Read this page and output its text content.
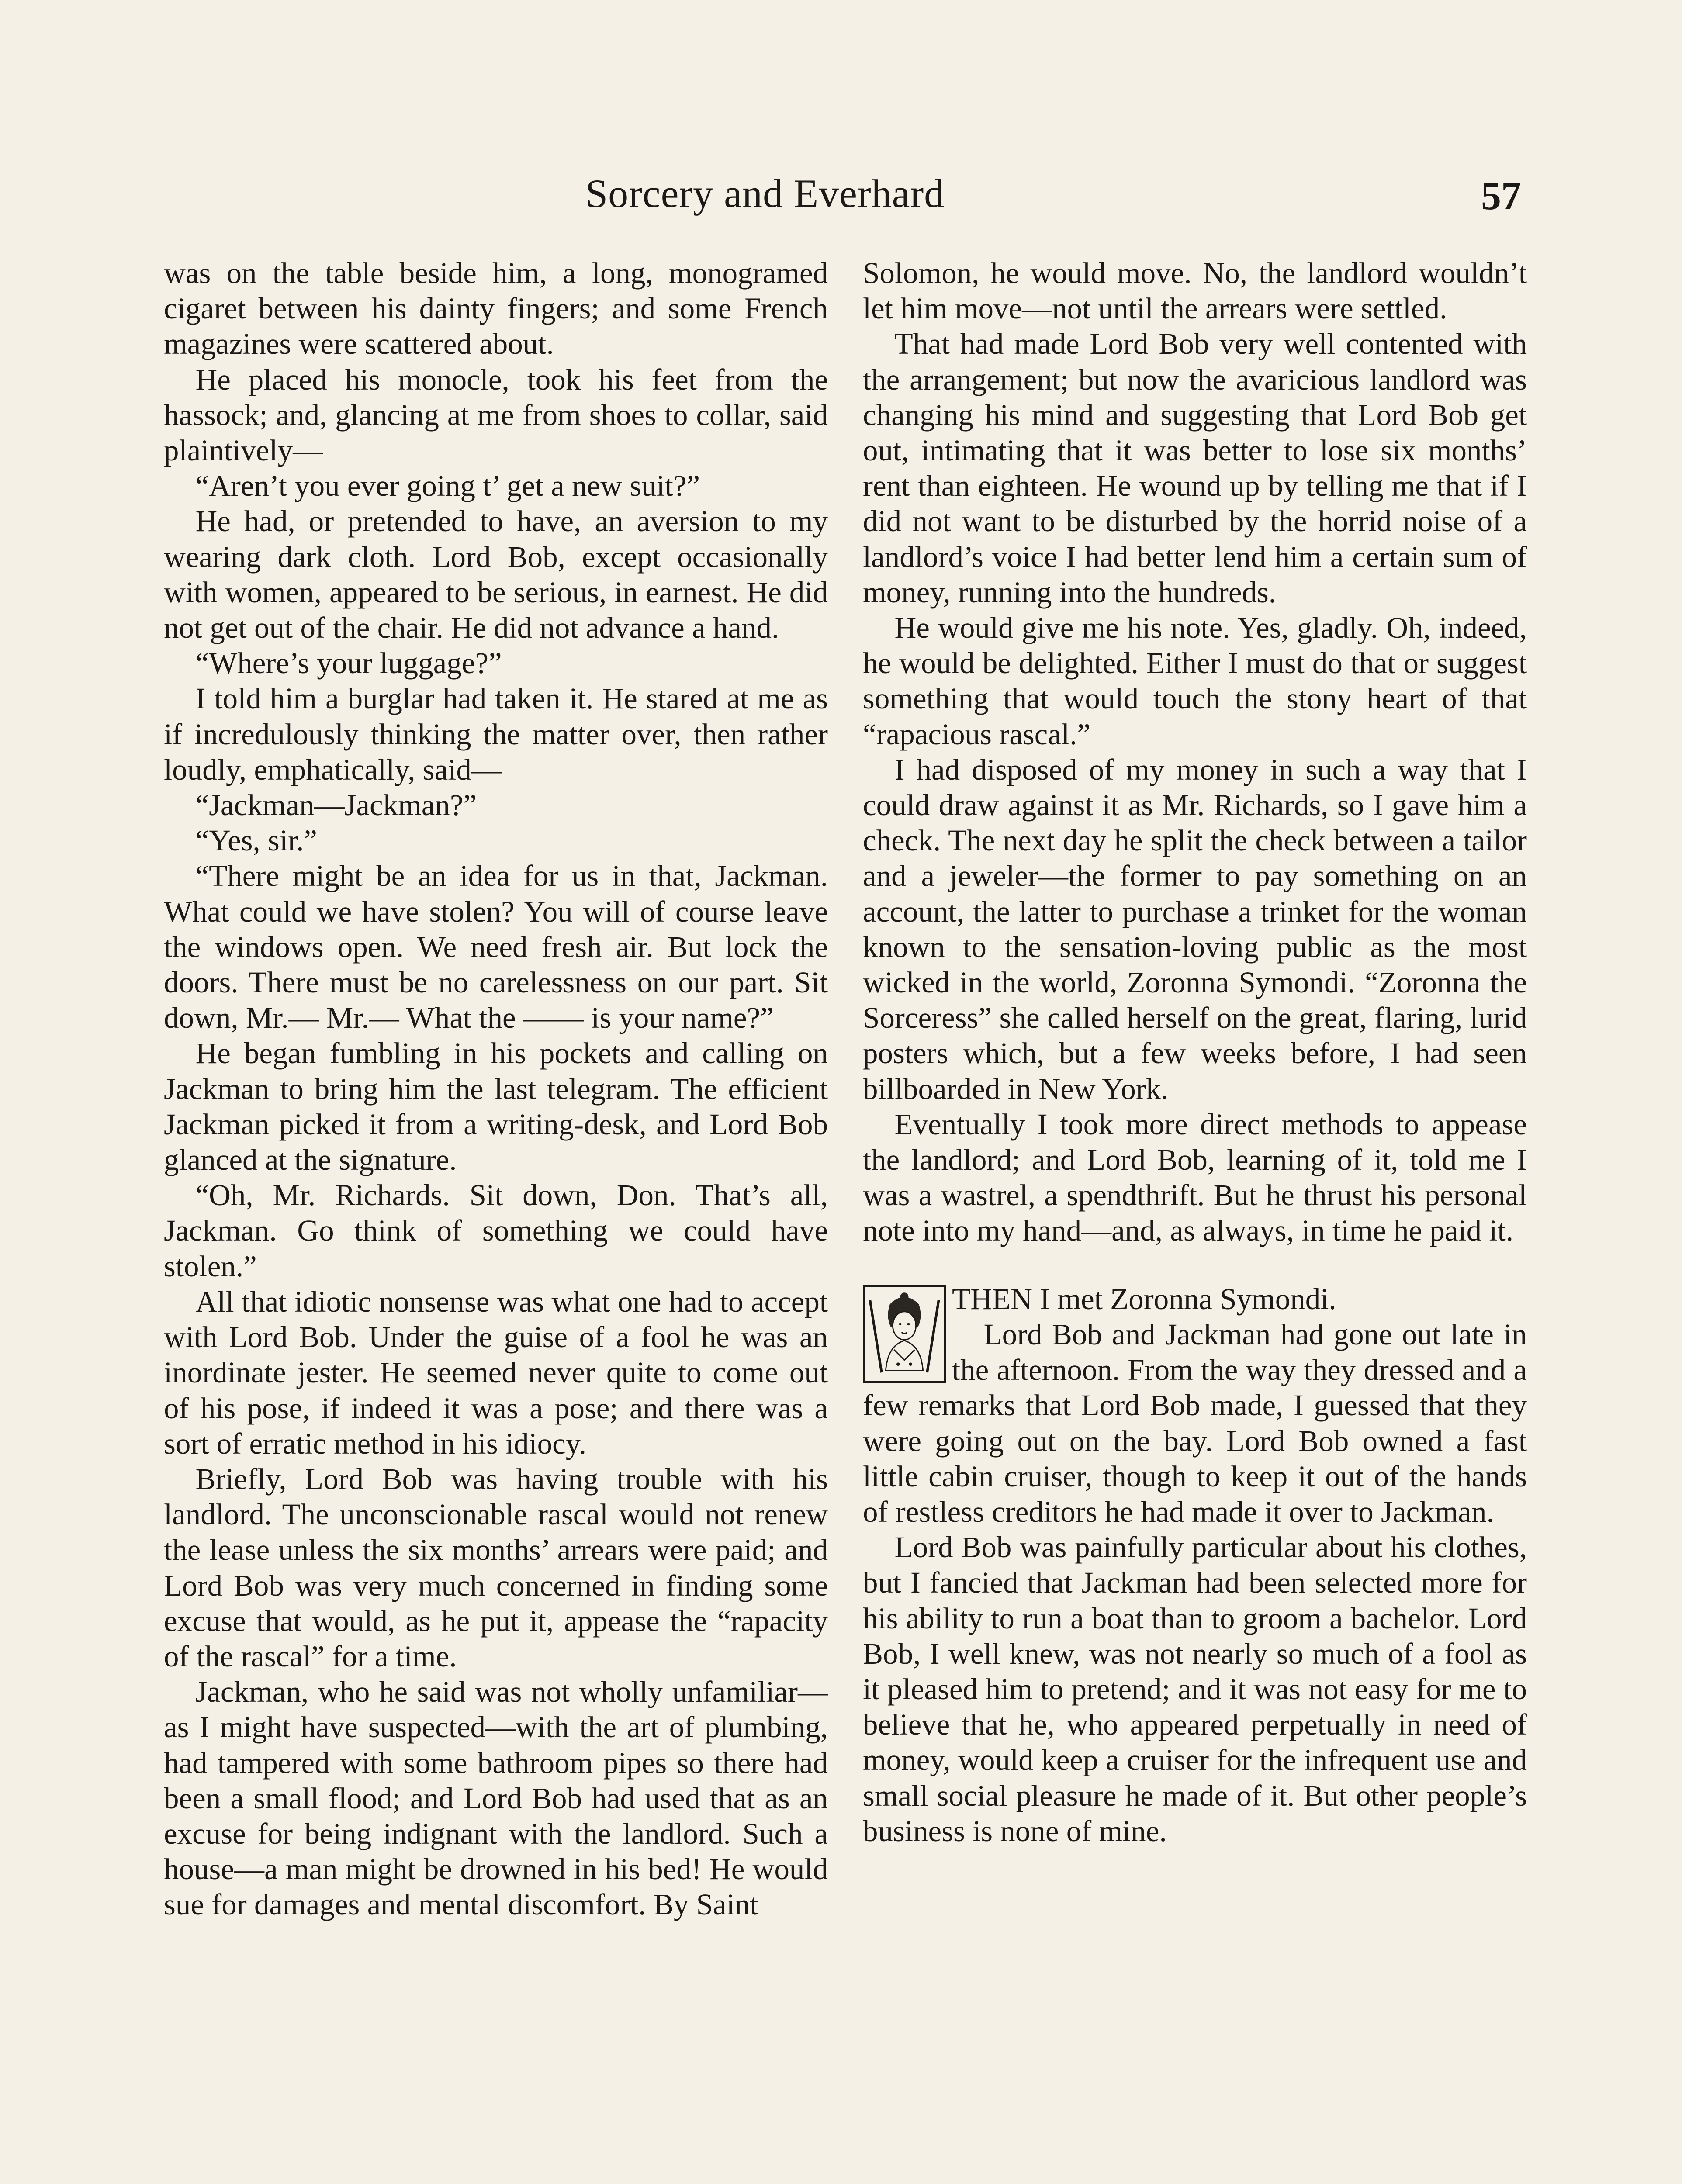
Sorcery and Everhard	57

was on the table beside him, a long, monogramed cigaret between his dainty fingers; and some French magazines were scattered about.

He placed his monocle, took his feet from the hassock; and, glancing at me from shoes to collar, said plaintively—

“Aren’t you ever going t’ get a new suit?”

He had, or pretended to have, an aversion to my wearing dark cloth. Lord Bob, except occasionally with women, appeared to be serious, in earnest. He did not get out of the chair. He did not advance a hand.

“Where’s your luggage?”

I told him a burglar had taken it. He stared at me as if incredulously thinking the matter over, then rather loudly, emphatically, said—

“Jackman—Jackman?”

“Yes, sir.”

“There might be an idea for us in that, Jackman. What could we have stolen? You will of course leave the windows open. We need fresh air. But lock the doors. There must be no carelessness on our part. Sit down, Mr.— Mr.— What the —— is your name?”

He began fumbling in his pockets and calling on Jackman to bring him the last telegram. The efficient Jackman picked it from a writing-desk, and Lord Bob glanced at the signature.

“Oh, Mr. Richards. Sit down, Don. That’s all, Jackman. Go think of something we could have stolen.”

All that idiotic nonsense was what one had to accept with Lord Bob. Under the guise of a fool he was an inordinate jester. He seemed never quite to come out of his pose, if indeed it was a pose; and there was a sort of erratic method in his idiocy.

Briefly, Lord Bob was having trouble with his landlord. The unconscionable rascal would not renew the lease unless the six months’ arrears were paid; and Lord Bob was very much concerned in finding some excuse that would, as he put it, appease the “rapacity of the rascal” for a time.

Jackman, who he said was not wholly unfamiliar—as I might have suspected—with the art of plumbing, had tampered with some bathroom pipes so there had been a small flood; and Lord Bob had used that as an excuse for being indignant with the landlord. Such a house—a man might be drowned in his bed! He would sue for damages and mental discomfort. By Saint

Solomon, he would move. No, the landlord wouldn’t let him move—not until the arrears were settled.

That had made Lord Bob very well contented with the arrangement; but now the avaricious landlord was changing his mind and suggesting that Lord Bob get out, intimating that it was better to lose six months’ rent than eighteen. He wound up by telling me that if I did not want to be disturbed by the horrid noise of a landlord’s voice I had better lend him a certain sum of money, running into the hundreds.

He would give me his note. Yes, gladly. Oh, indeed, he would be delighted. Either I must do that or suggest something that would touch the stony heart of that “rapacious rascal.”

I had disposed of my money in such a way that I could draw against it as Mr. Richards, so I gave him a check. The next day he split the check between a tailor and a jeweler—the former to pay something on an account, the latter to purchase a trinket for the woman known to the sensation-loving public as the most wicked in the world, Zoronna Symondi. “Zoronna the Sorceress” she called herself on the great, flaring, lurid posters which, but a few weeks before, I had seen billboarded in New York.

Eventually I took more direct methods to appease the landlord; and Lord Bob, learning of it, told me I was a wastrel, a spendthrift. But he thrust his personal note into my hand—and, as always, in time he paid it.

THEN I met Zoronna Symondi.

Lord Bob and Jackman had gone out late in the afternoon. From the way they dressed and a few remarks that Lord Bob made, I guessed that they were going out on the bay. Lord Bob owned a fast little cabin cruiser, though to keep it out of the hands of restless creditors he had made it over to Jackman.

Lord Bob was painfully particular about his clothes, but I fancied that Jackman had been selected more for his ability to run a boat than to groom a bachelor. Lord Bob, I well knew, was not nearly so much of a fool as it pleased him to pretend; and it was not easy for me to believe that he, who appeared perpetually in need of money, would keep a cruiser for the infrequent use and small social pleasure he made of it. But other people’s business is none of mine.
